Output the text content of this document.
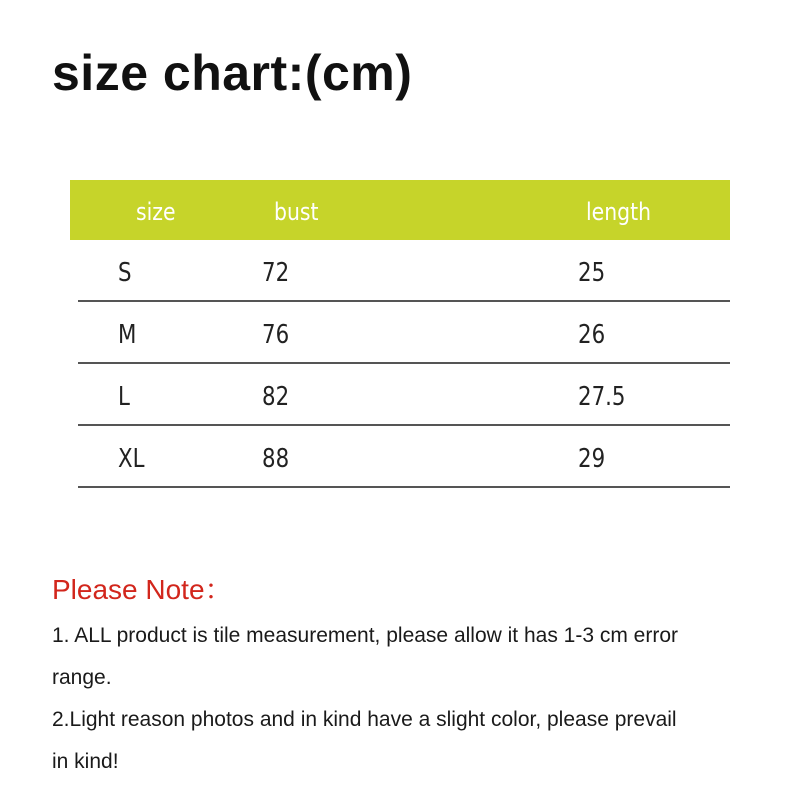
size chart:(cm)
size	bust	length
S	72	25
M	76	26
L	82	27.5
XL	88	29
Please Note：
1. ALL product is tile measurement, please allow it has 1-3 cm error
range.
2.Light reason photos and in kind have a slight color, please prevail
in kind!
